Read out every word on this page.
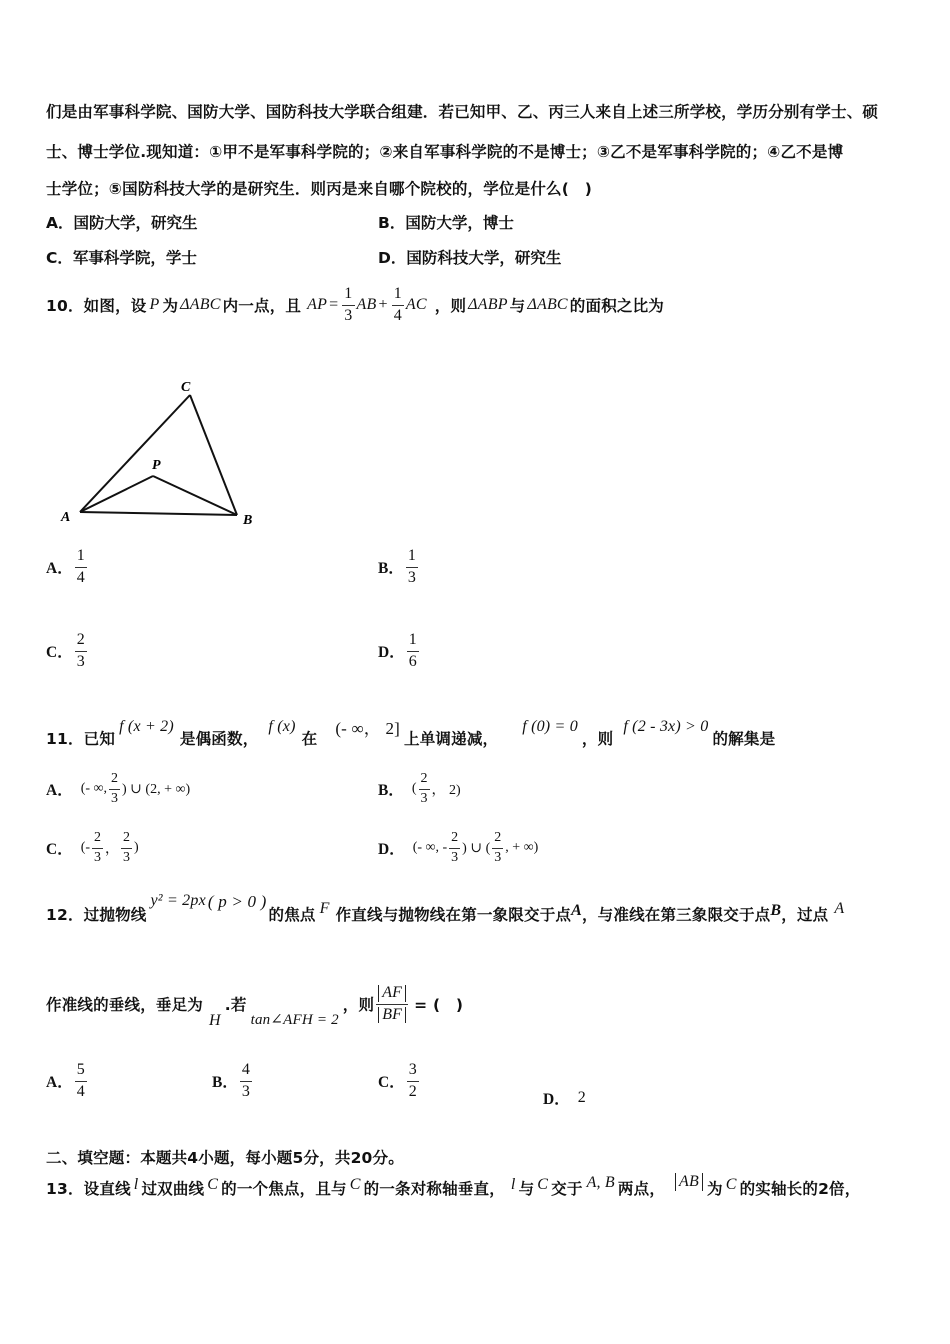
们是由军事科学院、国防大学、国防科技大学联合组建．若已知甲、乙、丙三人来自上述三所学校，学历分别有学士、硕
士、博士学位.现知道：①甲不是军事科学院的；②来自军事科学院的不是博士；③乙不是军事科学院的；④乙不是博
士学位；⑤国防科技大学的是研究生．则丙是来自哪个院校的，学位是什么(　)
A．国防大学，研究生	B．国防大学，博士
C．军事科学院，学士	D．国防科技大学，研究生
10．如图，设 P 为 ΔABC 内一点，且 AP = $\frac{1}{3}$ AB + $\frac{1}{4}$ AC ，则 ΔABP 与 ΔABC 的面积之比为
C
P
A	B
A． $\frac{1}{4}$	B． $\frac{1}{3}$
C． $\frac{2}{3}$	D． $\frac{1}{6}$
11．已知
f (x + 2)
是偶函数，
f (x)
在
(- ∞， 2]
上单调递减，
f (0) = 0
，则
f (2 - 3x) > 0
的解集是
A． (- ∞, $\frac{2}{3}$ ) ∪ (2, + ∞)	B． ( $\frac{2}{3}$ ， 2)
C． (- $\frac{2}{3}$ ， $\frac{2}{3}$ )	D． (- ∞, - $\frac{2}{3}$ ) ∪ ( $\frac{2}{3}$ , + ∞)
12．过抛物线
y² = 2px ( p > 0 )
的焦点 F 作直线与抛物线在第一象限交于点 A ，与准线在第三象限交于点 B ，过点 A
作准线的垂线，垂足为
H
.若
tan∠AFH = 2
，则 $\frac{AF}{BF}$ = (　)
A． $\frac{5}{4}$	B． $\frac{4}{3}$	C． $\frac{3}{2}$	D． 2
二、填空题：本题共4小题，每小题5分，共20分。
13．设直线 l 过双曲线 C 的一个焦点，且与 C 的一条对称轴垂直， l 与 C 交于 A, B 两点， AB 为 C 的实轴长的2倍，
